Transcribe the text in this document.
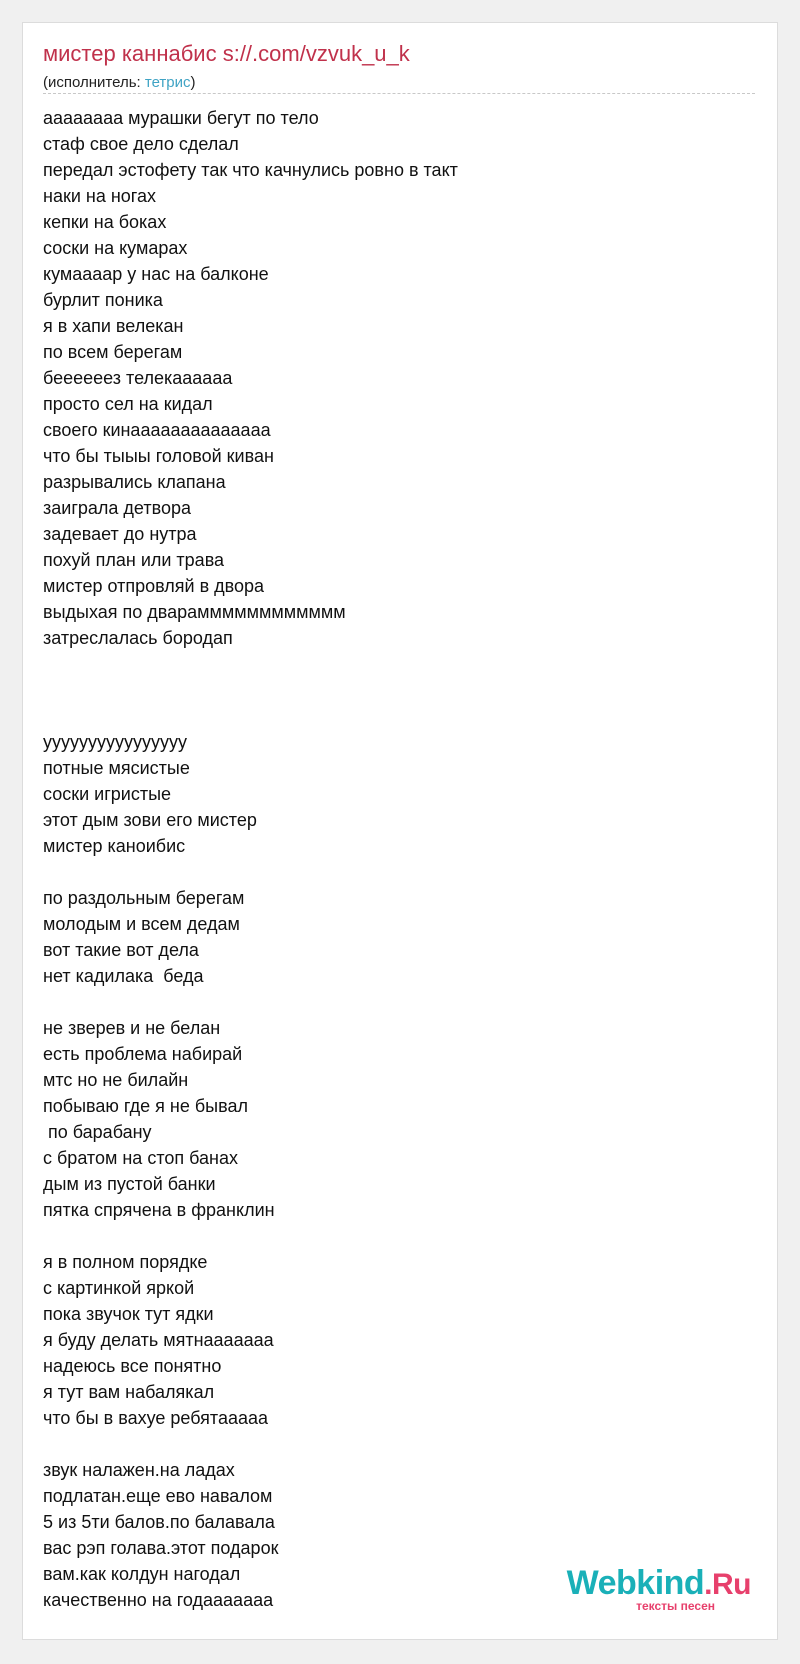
мистер каннабис s://.com/vzvuk_u_k
(исполнитель: тетрис)
аааааааа мурашки бегут по тело
стаф свое дело сделал
передал эстофету так что качнулись ровно в такт
наки на ногах
кепки на боках
соски на кумарах
кумаааар у нас на балконе
бурлит поника
я в хапи велекан
по всем берегам
беееееез телекаааааа
просто сел на кидал
своего кинаааааааааааааа
что бы тыыы головой киван
разрывались клапана
заиграла детвора
задевает до нутра
похуй план или трава
мистер отпровляй в двора
выдыхая по дварамммммммммммм
затреслалась бородап
уууууууууууууууу
потные мясистые
соски игристые
этот дым зови его мистер
мистер каноибис
по раздольным берегам
молодым и всем дедам
вот такие вот дела
нет кадилака  беда
не зверев и не белан
есть проблема набирай
мтс но не билайн
побываю где я не бывал
по барабану
с братом на стоп банах
дым из пустой банки
пятка спрячена в франклин
я в полном порядке
с картинкой яркой
пока звучок тут ядки
я буду делать мятнааааааа
надеюсь все понятно
я тут вам набалякал
что бы в вахуе ребятааааа
звук налажен.на ладах
подлатан.еще ево навалом
5 из 5ти балов.по балавала
вас рэп голава.этот подарок
вам.как колдун нагодал
качественно на годааааааа	Webkind.Ru
тексты песен
